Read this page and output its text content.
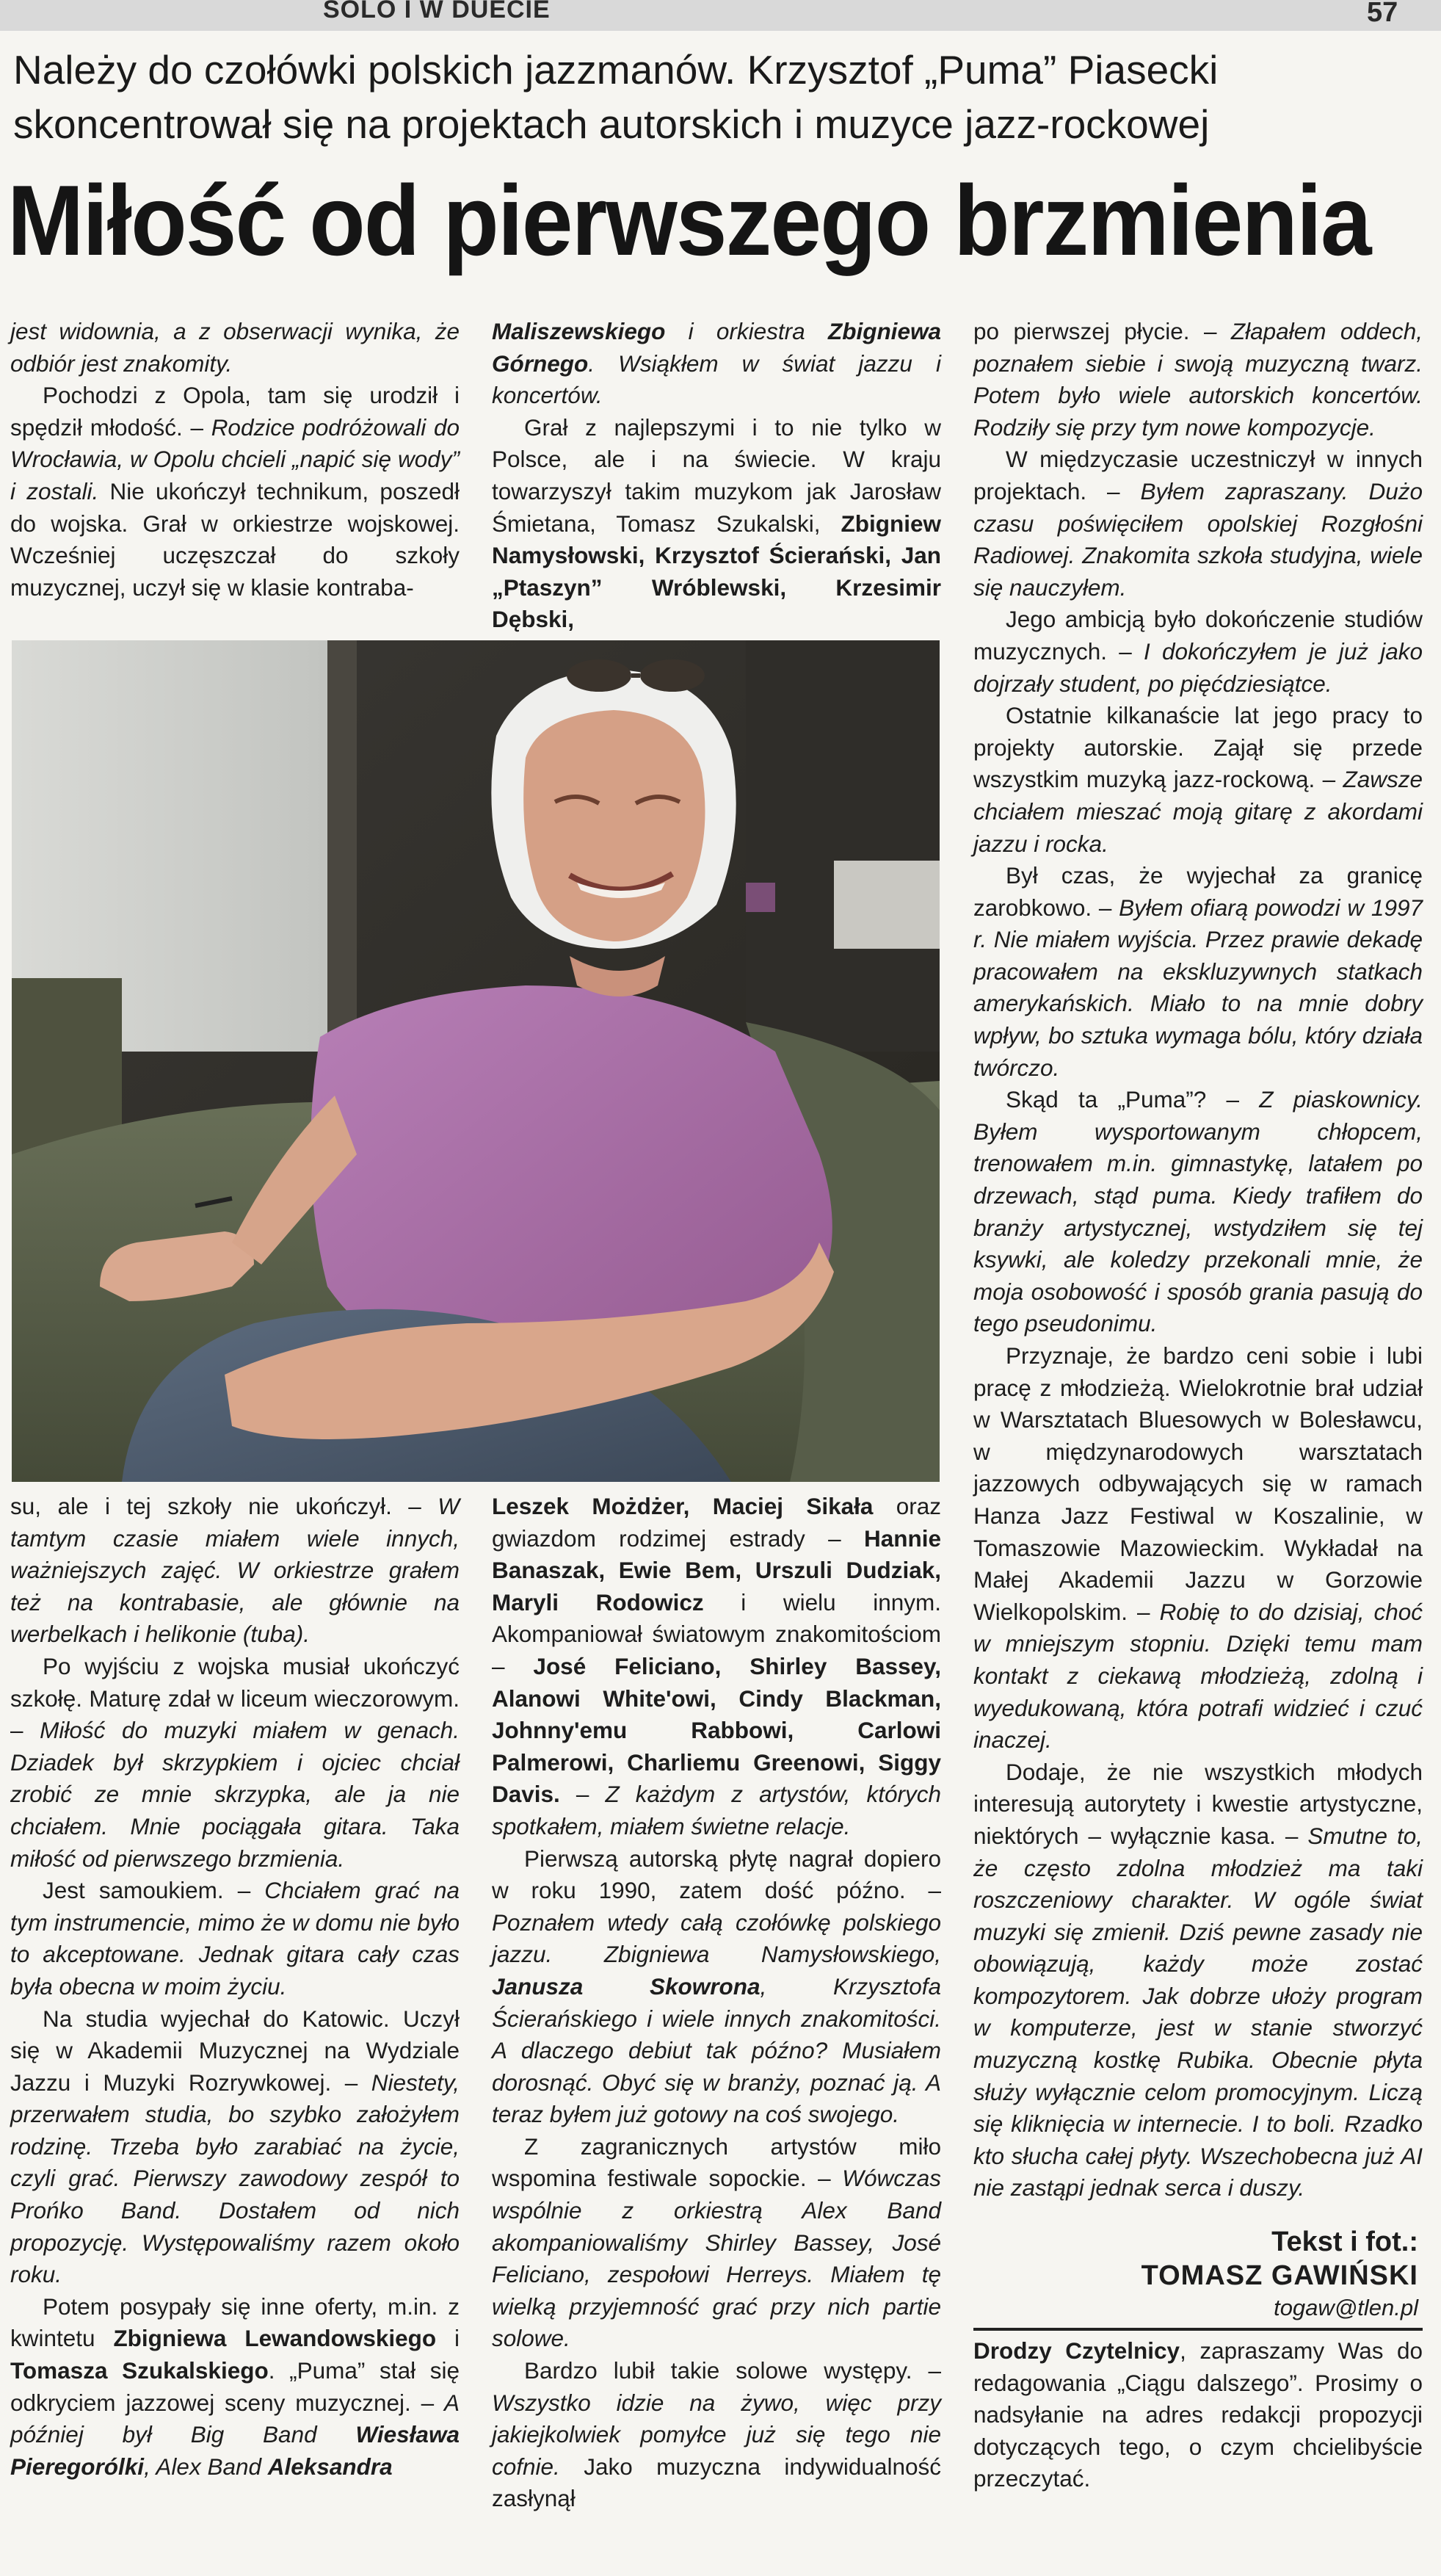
SOLO I W DUECIE	57
Należy do czołówki polskich jazzmanów. Krzysztof „Puma” Piasecki skoncentrował się na projektach autorskich i muzyce jazz-rockowej
Miłość od pierwszego brzmienia

jest widownia, a z obserwacji wynika, że odbiór jest znakomity.

Pochodzi z Opola, tam się urodził i spędził młodość. – Rodzice podróżowali do Wrocławia, w Opolu chcieli „napić się wody” i zostali. Nie ukończył technikum, poszedł do wojska. Grał w orkiestrze wojskowej. Wcześniej uczęszczał do szkoły muzycznej, uczył się w klasie kontraba-

Maliszewskiego i orkiestra Zbigniewa Górnego. Wsiąkłem w świat jazzu i koncertów.

Grał z najlepszymi i to nie tylko w Polsce, ale i na świecie. W kraju towarzyszył takim muzykom jak Jarosław Śmietana, Tomasz Szukalski, Zbigniew Namysłowski, Krzysztof Ścierański, Jan „Ptaszyn” Wróblewski, Krzesimir Dębski,

su, ale i tej szkoły nie ukończył. – W tamtym czasie miałem wiele innych, ważniejszych zajęć. W orkiestrze grałem też na kontrabasie, ale głównie na werbelkach i helikonie (tuba).

Po wyjściu z wojska musiał ukończyć szkołę. Maturę zdał w liceum wieczorowym. – Miłość do muzyki miałem w genach. Dziadek był skrzypkiem i ojciec chciał zrobić ze mnie skrzypka, ale ja nie chciałem. Mnie pociągała gitara. Taka miłość od pierwszego brzmienia.

Jest samoukiem. – Chciałem grać na tym instrumencie, mimo że w domu nie było to akceptowane. Jednak gitara cały czas była obecna w moim życiu.

Na studia wyjechał do Katowic. Uczył się w Akademii Muzycznej na Wydziale Jazzu i Muzyki Rozrywkowej. – Niestety, przerwałem studia, bo szybko założyłem rodzinę. Trzeba było zarabiać na życie, czyli grać. Pierwszy zawodowy zespół to Prońko Band. Dostałem od nich propozycję. Występowaliśmy razem około roku.

Potem posypały się inne oferty, m.in. z kwintetu Zbigniewa Lewandowskiego i Tomasza Szukalskiego. „Puma” stał się odkryciem jazzowej sceny muzycznej. – A później był Big Band Wiesława Pieregorólki, Alex Band Aleksandra

Leszek Możdżer, Maciej Sikała oraz gwiazdom rodzimej estrady – Hannie Banaszak, Ewie Bem, Urszuli Dudziak, Maryli Rodowicz i wielu innym. Akompaniował światowym znakomitościom – José Feliciano, Shirley Bassey, Alanowi White'owi, Cindy Blackman, Johnny'emu Rabbowi, Carlowi Palmerowi, Charliemu Greenowi, Siggy Davis. – Z każdym z artystów, których spotkałem, miałem świetne relacje.

Pierwszą autorską płytę nagrał dopiero w roku 1990, zatem dość późno. – Poznałem wtedy całą czołówkę polskiego jazzu. Zbigniewa Namysłowskiego, Janusza Skowrona, Krzysztofa Ścierańskiego i wiele innych znakomitości. A dlaczego debiut tak późno? Musiałem dorosnąć. Obyć się w branży, poznać ją. A teraz byłem już gotowy na coś swojego.

Z zagranicznych artystów miło wspomina festiwale sopockie. – Wówczas wspólnie z orkiestrą Alex Band akompaniowaliśmy Shirley Bassey, José Feliciano, zespołowi Herreys. Miałem tę wielką przyjemność grać przy nich partie solowe.

Bardzo lubił takie solowe występy. – Wszystko idzie na żywo, więc przy jakiejkolwiek pomyłce już się tego nie cofnie. Jako muzyczna indywidualność zasłynął

po pierwszej płycie. – Złapałem oddech, poznałem siebie i swoją muzyczną twarz. Potem było wiele autorskich koncertów. Rodziły się przy tym nowe kompozycje.

W międzyczasie uczestniczył w innych projektach. – Byłem zapraszany. Dużo czasu poświęciłem opolskiej Rozgłośni Radiowej. Znakomita szkoła studyjna, wiele się nauczyłem.

Jego ambicją było dokończenie studiów muzycznych. – I dokończyłem je już jako dojrzały student, po pięćdziesiątce.

Ostatnie kilkanaście lat jego pracy to projekty autorskie. Zajął się przede wszystkim muzyką jazz-rockową. – Zawsze chciałem mieszać moją gitarę z akordami jazzu i rocka.

Był czas, że wyjechał za granicę zarobkowo. – Byłem ofiarą powodzi w 1997 r. Nie miałem wyjścia. Przez prawie dekadę pracowałem na ekskluzywnych statkach amerykańskich. Miało to na mnie dobry wpływ, bo sztuka wymaga bólu, który działa twórczo.

Skąd ta „Puma”? – Z piaskownicy. Byłem wysportowanym chłopcem, trenowałem m.in. gimnastykę, latałem po drzewach, stąd puma. Kiedy trafiłem do branży artystycznej, wstydziłem się tej ksywki, ale koledzy przekonali mnie, że moja osobowość i sposób grania pasują do tego pseudonimu.

Przyznaje, że bardzo ceni sobie i lubi pracę z młodzieżą. Wielokrotnie brał udział w Warsztatach Bluesowych w Bolesławcu, w międzynarodowych warsztatach jazzowych odbywających się w ramach Hanza Jazz Festiwal w Koszalinie, w Tomaszowie Mazowieckim. Wykładał na Małej Akademii Jazzu w Gorzowie Wielkopolskim. – Robię to do dzisiaj, choć w mniejszym stopniu. Dzięki temu mam kontakt z ciekawą młodzieżą, zdolną i wyedukowaną, która potrafi widzieć i czuć inaczej.

Dodaje, że nie wszystkich młodych interesują autorytety i kwestie artystyczne, niektórych – wyłącznie kasa. – Smutne to, że często zdolna młodzież ma taki roszczeniowy charakter. W ogóle świat muzyki się zmienił. Dziś pewne zasady nie obowiązują, każdy może zostać kompozytorem. Jak dobrze ułoży program w komputerze, jest w stanie stworzyć muzyczną kostkę Rubika. Obecnie płyta służy wyłącznie celom promocyjnym. Liczą się kliknięcia w internecie. I to boli. Rzadko kto słucha całej płyty. Wszechobecna już AI nie zastąpi jednak serca i duszy.

Tekst i fot.:
TOMASZ GAWIŃSKI
togaw@tlen.pl
Drodzy Czytelnicy, zapraszamy Was do redagowania „Ciągu dalszego”. Prosimy o nadsyłanie na adres redakcji propozycji dotyczących tego, o czym chcielibyście przeczytać.
